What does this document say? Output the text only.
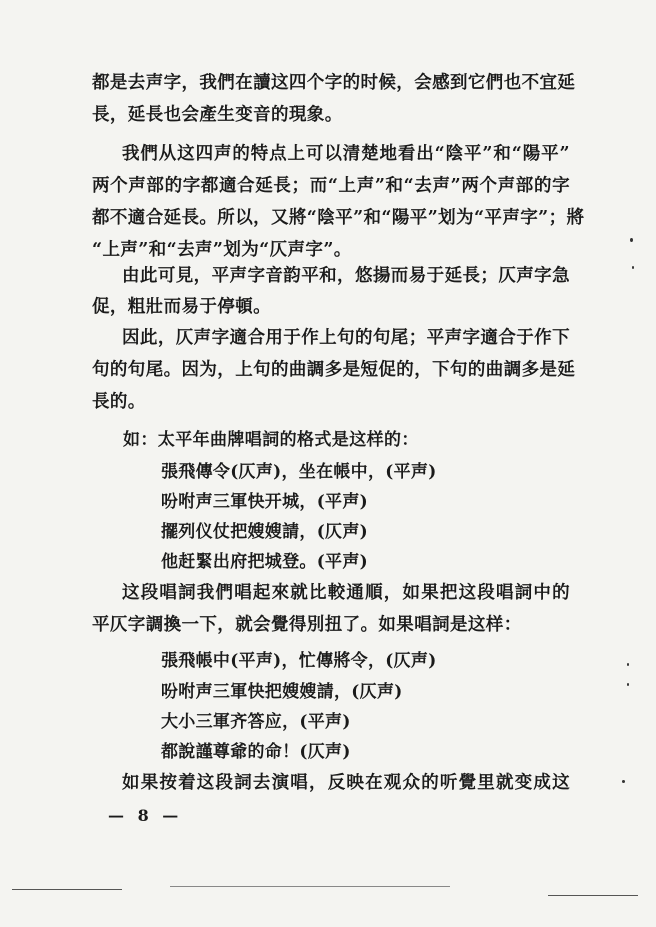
都是去声字，我們在讀这四个字的时候，会感到它們也不宜延
長，延長也会產生变音的現象。
我們从这四声的特点上可以清楚地看出“陰平”和“陽平”
两个声部的字都適合延長；而“上声”和“去声”两个声部的字
都不適合延長。所以，又將“陰平”和“陽平”划为“平声字”；將
“上声”和“去声”划为“仄声字”。
由此可見，平声字音韵平和，悠揚而易于延長；仄声字急
促，粗壯而易于停頓。
因此，仄声字適合用于作上句的句尾；平声字適合于作下
句的句尾。因为，上句的曲調多是短促的，下句的曲調多是延
長的。
如：太平年曲牌唱詞的格式是这样的：
張飛傳令(仄声)，坐在帳中，(平声)
吩咐声三軍快开城，(平声)
擺列仪仗把嫂嫂請，(仄声)
他赶緊出府把城登。(平声)
这段唱詞我們唱起來就比較通順，如果把这段唱詞中的
平仄字調換一下，就会覺得別扭了。如果唱詞是这样：
張飛帳中(平声)，忙傳將令，(仄声)
吩咐声三軍快把嫂嫂請，(仄声)
大小三軍齐答应，(平声)
都說謹尊爺的命！(仄声)
如果按着这段詞去演唱，反映在观众的听覺里就变成这
— 8 —
